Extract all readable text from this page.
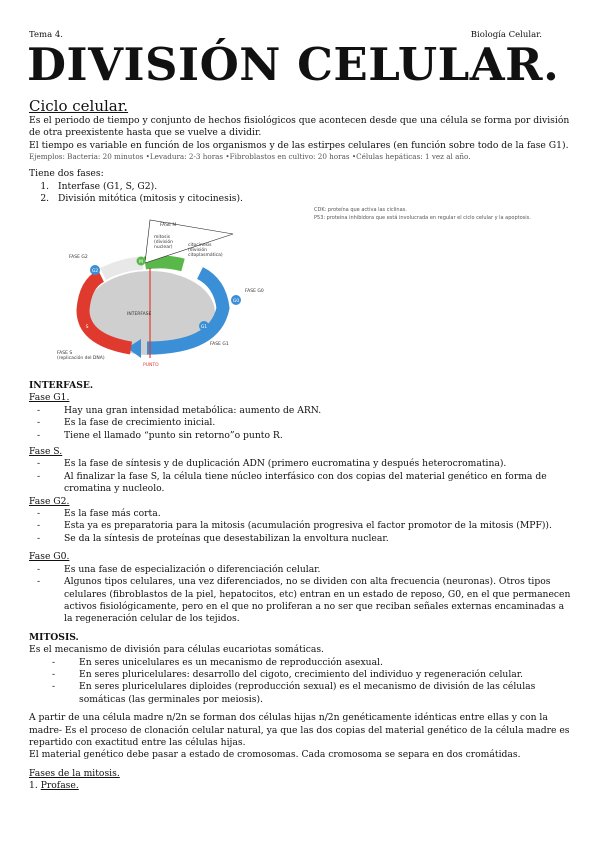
Tema 4.	Biología Celular.
DIVISIÓN CELULAR.

Ciclo celular.

Es el periodo de tiempo y conjunto de hechos fisiológicos que acontecen desde que una célula se forma por división de otra preexistente hasta que se vuelve a dividir.

El tiempo es variable en función de los organismos y de las estirpes celulares (en función sobre todo de la fase G1).

Ejemplos: Bacteria: 20 minutos •Levadura: 2-3 horas •Fibroblastos en cultivo: 20 horas •Células hepáticas: 1 vez al año.

Tiene dos fases:

1. Interfase (G1, S, G2).
2. División mitótica (mitosis y citocinesis).
CDK: proteína que activa las ciclinas.
P53: proteína inhibidora que está involucrada en regular el ciclo celular y la apoptosis.
FASE M
mitosis
(división
nuclear)	citocinesis
(división
citoplasmática)
FASE G2
FASE G0
INTERFASE
FASE G1
FASE S
(replicación del DNA)
PUNTO
G2
M
G0
S	G1

INTERFASE.

Fase G1.

- Hay una gran intensidad metabólica: aumento de ARN.
- Es la fase de crecimiento inicial.
- Tiene el llamado “punto sin retorno”o punto R.

Fase S.

- Es la fase de síntesis y de duplicación ADN (primero eucromatina y después heterocromatina).
- Al finalizar la fase S, la célula tiene núcleo interfásico con dos copias del material genético en forma de cromatina y nucleolo.

Fase G2.

- Es la fase más corta.
- Esta ya es preparatoria para la mitosis (acumulación progresiva el factor promotor de la mitosis (MPF)).
- Se da la síntesis de proteínas que desestabilizan la envoltura nuclear.

Fase G0.

- Es una fase de especialización o diferenciación celular.
- Algunos tipos celulares, una vez diferenciados, no se dividen con alta frecuencia (neuronas). Otros tipos celulares (fibroblastos de la piel, hepatocitos, etc) entran en un estado de reposo, G0, en el que permanecen activos fisiológicamente, pero en el que no proliferan a no ser que reciban señales externas encaminadas a la regeneración celular de los tejidos.

MITOSIS.

Es el mecanismo de división para células eucariotas somáticas.

- En seres unicelulares es un mecanismo de reproducción asexual.
- En seres pluricelulares: desarrollo del cigoto, crecimiento del individuo y regeneración celular.
- En seres pluricelulares diploides (reproducción sexual) es el mecanismo de división de las células somáticas (las germinales por meiosis).

A partir de una célula madre n/2n se forman dos células hijas n/2n genéticamente idénticas entre ellas y con la madre- Es el proceso de clonación celular natural, ya que las dos copias del material genético de la célula madre es repartido con exactitud entre las células hijas.

El material genético debe pasar a estado de cromosomas. Cada cromosoma se separa en dos cromátidas.

Fases de la mitosis.

1. Profase.
